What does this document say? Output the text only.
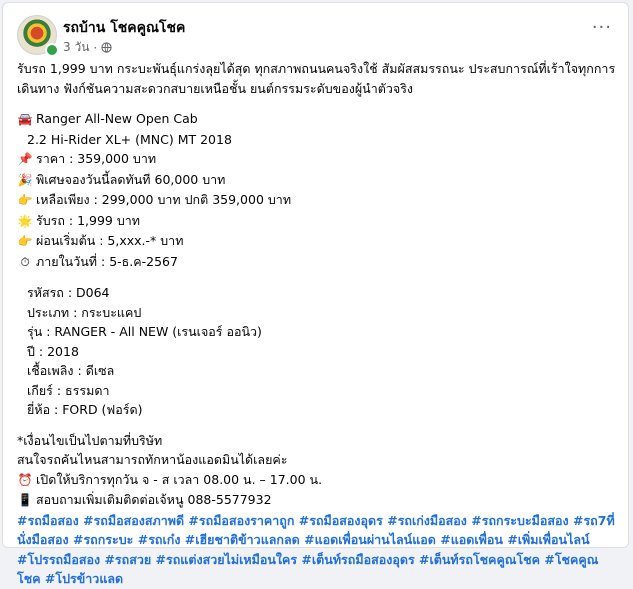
รถบ้าน โชคคูณโชค
3 วัน ·
···
รับรถ 1,999 บาท กระบะพันธุ์แกร่งลุยได้สุด ทุกสภาพถนนคนจริงใช้ สัมผัสสมรรถนะ ประสบการณ์ที่เร้าใจทุกการ
เดินทาง ฟังก์ชันความสะดวกสบายเหนือชั้น ยนต์กรรมระดับของผู้นำตัวจริง
🚘 Ranger All-New Open Cab
2.2 Hi-Rider XL+ (MNC) MT 2018
📌 ราคา : 359,000 บาท
🎉 พิเศษจองวันนี้ลดทันที 60,000 บาท
👉 เหลือเพียง : 299,000 บาท ปกติ 359,000 บาท
🌟 รับรถ : 1,999 บาท
👉 ผ่อนเริ่มต้น : 5,xxx.-* บาท
⏱ ภายในวันที่ : 5-ธ.ค-2567
รหัสรถ : D064
ประเภท : กระบะแคป
รุ่น : RANGER - All NEW (เรนเจอร์ ออนิว)
ปี : 2018
เชื้อเพลิง : ดีเซล
เกียร์ : ธรรมดา
ยี่ห้อ : FORD (ฟอร์ด)
*เงื่อนไขเป็นไปตามที่บริษัท
สนใจรถคันไหนสามารถทักหาน้องแอดมินได้เลยค่ะ
⏰ เปิดให้บริการทุกวัน จ - ส เวลา 08.00 น. – 17.00 น.
📱 สอบถามเพิ่มเติมติดต่อเจ้หนู 088-5577932
#รถมือสอง #รถมือสองสภาพดี #รถมือสองราคาถูก #รถมือสองอุดร #รถเก่งมือสอง #รถกระบะมือสอง #รถ7ที่นั่งมือสอง #รถกระบะ #รถเก๋ง #เฮียชาติข้าวแลกลด #แอดเพื่อนผ่านไลน์แอด #แอดเพื่อน #เพิ่มเพื่อนไลน์ #โปรรถมือสอง #รถสวย #รถแต่งสวยไม่เหมือนใคร #เต็นท์รถมือสองอุดร #เต็นท์รถโชคคูณโชค #โชคคูณโชค #โปรข้าวแลด
